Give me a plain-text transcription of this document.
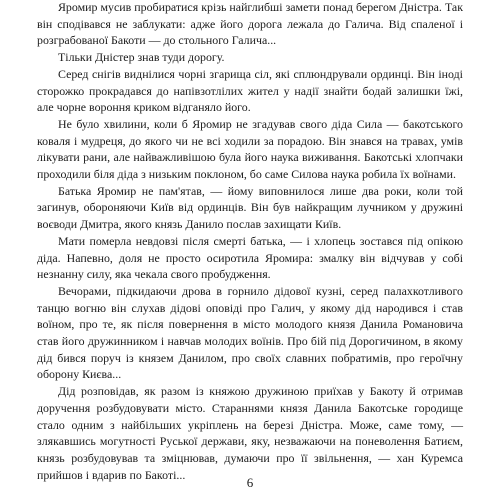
Яромир мусив пробиратися крізь найглибші замети понад берегом Дністра. Так він сподівався не заблукати: адже його дорога лежала до Галича. Від спаленої і розграбованої Бакоти — до стольного Галича...

Тільки Дністер знав туди дорогу.

Серед снігів виднілися чорні згарища сіл, які сплюндрували ординці. Він іноді сторожко прокрадався до напівзотлілих жител у надії знайти бодай залишки їжі, але чорне вороння криком відганяло його.

Не було хвилини, коли б Яромир не згадував свого діда Сила — бакотського коваля і мудреця, до якого чи не всі ходили за порадою. Він знався на травах, умів лікувати рани, але найважливішою була його наука виживання. Бакотські хлопчаки проходили біля діда з низьким поклоном, бо саме Силова наука робила їх воїнами.

Батька Яромир не пам'ятав, — йому виповнилося лише два роки, коли той загинув, обороняючи Київ від ординців. Він був найкращим лучником у дружині воєводи Дмитра, якого князь Данило послав захищати Київ.

Мати померла невдовзі після смерті батька, — і хлопець зостався під опікою діда. Напевно, доля не просто осиротила Яромира: змалку він відчував у собі незнанну силу, яка чекала свого пробудження.

Вечорами, підкидаючи дрова в горнило дідової кузні, серед палахкотливого танцю вогню він слухав дідові оповіді про Галич, у якому дід народився і став воїном, про те, як після повернення в місто молодого князя Данила Романовича став його дружинником і навчав молодих воїнів. Про бій під Дорогичином, в якому дід бився поруч із князем Данилом, про своїх славних побратимів, про героїчну оборону Києва...

Дід розповідав, як разом із княжою дружиною приїхав у Бакоту й отримав доручення розбудовувати місто. Стараннями князя Данила Бакотське городище стало одним з найбільших укріплень на березі Дністра. Може, саме тому, — злякавшись могутності Руської держави, яку, незважаючи на поневолення Батиєм, князь розбудовував та зміцнював, думаючи про її звільнення, — хан Куремса прийшов і вдарив по Бакоті...

6
